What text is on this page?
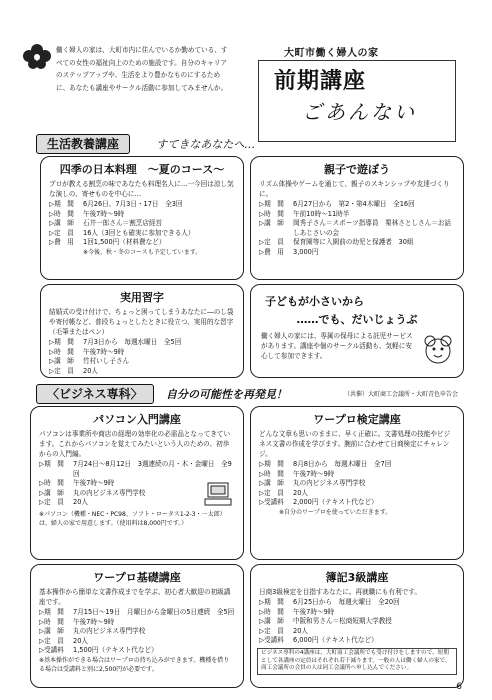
働く婦人の家は、大町市内に住んでいるか勤めている、すべての女性の福祉向上のための施設です。自分のキャリアのステップアップや、生活をより豊かなものにするために、あなたも講座やサークル活動に参加してみませんか。
大町市働く婦人の家
前期講座
ごあんない
生活教養講座	すてきなあなたへ…
四季の日本料理　～夏のコース～
プロが教える割烹の味であなたも料理名人に…一今回は涼し気な演しの、寄せものを中心に…
▷期　間	6月26日、7月3日・17日　全3回
▷時　間	午後7時～9時
▷講　師	石井一郎さん＝割烹店経営
▷定　員	16人（3回とも確実に参加できる人）
▷費　用	1回1,500円（材料費など）
※今後、秋・冬のコースも予定しています。
親子で遊ぼう
リズム体操やゲームを通じて、親子のスキンシップや友達づくりに。
▷期　間	6月27日から　第2・第4木曜日　全16回
▷時　間	午前10時～11時半
▷講　師	岡秀子さん＝スポーツ指導員　栗林さとしさん＝お話しあじさいの会
▷定　員	保育園等に入園前の幼児と保護者　30組
▷費　用	3,000円
実用習字
結婚式の受け付けで、ちょっと困ってしまうあなたに―のし袋や寄付帳など、普段ちょっとしたときに役立つ、実用的な習字（毛筆またはペン）
▷期　間	7月3日から　毎週水曜日　全5回
▷時　間	午後7時～9時
▷講　師	竹村いし子さん
▷定　員	20人
子どもが小さいから
……でも、だいじょうぶ
働く婦人の家には、専属の保母による託児サービスがあります。講座や個のサークル活動も、気軽に安心して参加できます。
〈ビジネス専科〉	自分の可能性を再発見！	（共催）大町商工会議所・大町青色申告会
パソコン入門講座
パソコンは事業所や商店の経理の効率化の必需品となってきています。これからパソコンを覚えてみたいという人のための、初歩からの入門編。
▷期　間	7月24日～8月12日　3週連続の月・木・金曜日　全9回
▷時　間	午後7時～9時
▷講　師	丸の内ビジネス専門学校
▷定　員	20人
※パソコン（機種・NEC・PC98、ソフト・ロータス1-2-3・一太郎）は、婦人の家で用意します。（使用料は8,000円です。）
ワープロ検定講座
どんな文章も思いのままに、早く正確に。文書処理の技能やビジネス文書の作成を学びます。腕前に合わせて日商検定にチャレンジ。
▷期　間	8月8日から　毎週木曜日　全7回
▷時　間	午後7時～9時
▷講　師	丸の内ビジネス専門学校
▷定　員	20人
▷受講料	2,000円（テキスト代など）
※自分のワープロを使っていただきます。
ワープロ基礎講座
基本操作から簡単な文書作成までを学ぶ、初心者大歓迎の初級講座です。
▷期　間	7月15日～19日　月曜日から金曜日の5日連続　全5回
▷時　間	午後7時～9時
▷講　師	丸の内ビジネス専門学校
▷定　員	20人
▷受講料	1,500円（テキスト代など）
※基本操作ができる場合はワープロの持ち込みができます。機種を借りる場合は受講料と別に2,500円が必要です。
簿記3級講座
日商3級検定を目指すあなたに。再就職にも有利です。
▷期　間	6月25日から　毎週火曜日　全20回
▷時　間	午後7時～9時
▷講　師	中阪和男さん＝松商短期大学教授
▷定　員	20人
▷受講料	6,000円（テキスト代など）
ビジネス専科の4講座は、大町商工会議所でも受け付けをしますので、短期として各講座の定員はそれぞれ若干減ります。一般の人は働く婦人の家で、商工会議所の会員の人は同工会議所へ申し込んでください。
6
